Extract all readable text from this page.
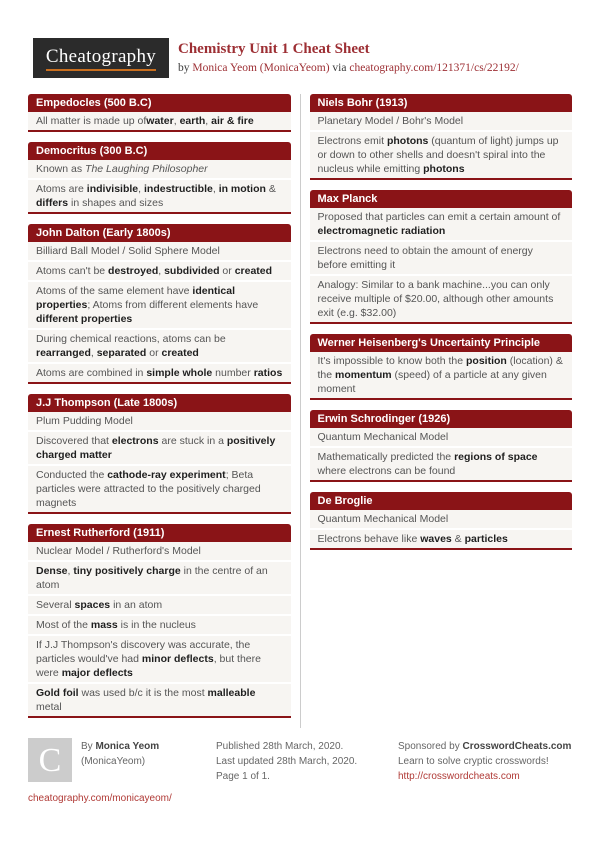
Cheatography Chemistry Unit 1 Cheat Sheet
by Monica Yeom (MonicaYeom) via cheatography.com/121371/cs/22192/
Empedocles (500 B.C)
All matter is made up ofwater, earth, air & fire
Democritus (300 B.C)
Known as The Laughing Philosopher
Atoms are indivisible, indestructible, in motion & differs in shapes and sizes
John Dalton (Early 1800s)
Billiard Ball Model / Solid Sphere Model
Atoms can't be destroyed, subdivided or created
Atoms of the same element have identical properties; Atoms from different elements have different properties
During chemical reactions, atoms can be rearranged, separated or created
Atoms are combined in simple whole number ratios
J.J Thompson (Late 1800s)
Plum Pudding Model
Discovered that electrons are stuck in a positively charged matter
Conducted the cathode-ray experiment; Beta particles were attracted to the positively charged magnets
Ernest Rutherford (1911)
Nuclear Model / Rutherford's Model
Dense, tiny positively charge in the centre of an atom
Several spaces in an atom
Most of the mass is in the nucleus
If J.J Thompson's discovery was accurate, the particles would've had minor deflects, but there were major deflects
Gold foil was used b/c it is the most malleable metal
Niels Bohr (1913)
Planetary Model / Bohr's Model
Electrons emit photons (quantum of light) jumps up or down to other shells and doesn't spiral into the nucleus while emitting photons
Max Planck
Proposed that particles can emit a certain amount of electromagnetic radiation
Electrons need to obtain the amount of energy before emitting it
Analogy: Similar to a bank machine...you can only receive multiple of $20.00, although other amounts exit (e.g. $32.00)
Werner Heisenberg's Uncertainty Principle
It's impossible to know both the position (location) & the momentum (speed) of a particle at any given moment
Erwin Schrodinger (1926)
Quantum Mechanical Model
Mathematically predicted the regions of space where electrons can be found
De Broglie
Quantum Mechanical Model
Electrons behave like waves & particles
C By Monica Yeom
(MonicaYeom)
cheatography.com/monicayeom/
Published 28th March, 2020.
Last updated 28th March, 2020.
Page 1 of 1.
Sponsored by CrosswordCheats.com
Learn to solve cryptic crosswords!
http://crosswordcheats.com
